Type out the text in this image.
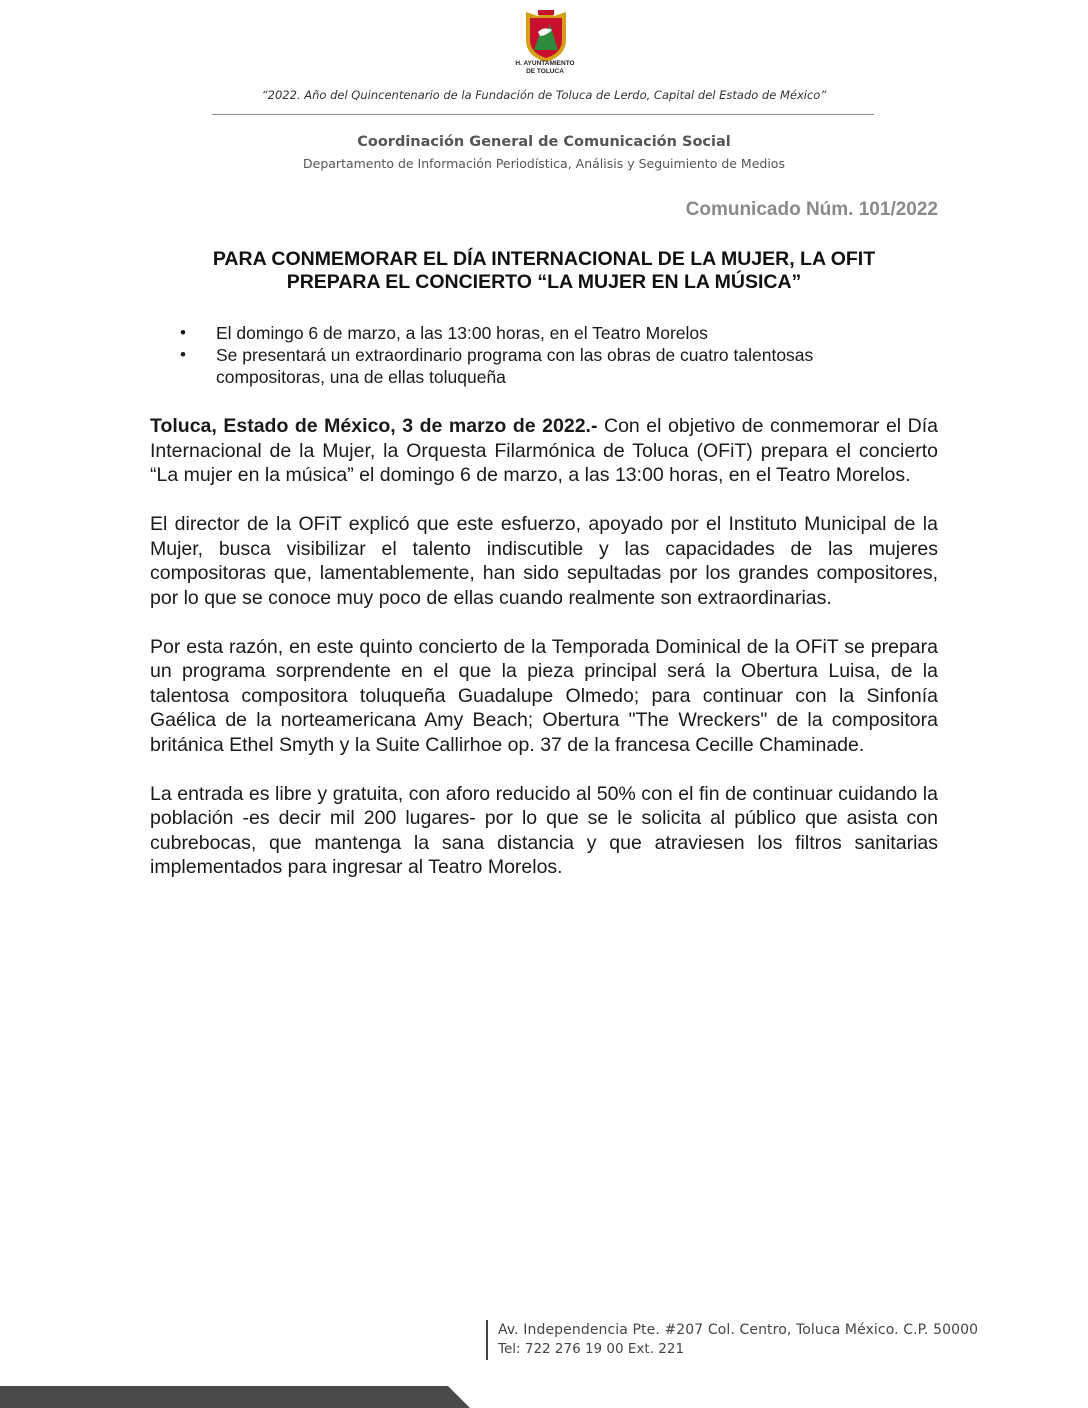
H. AYUNTAMIENTO
DE TOLUCA
“2022. Año del Quincentenario de la Fundación de Toluca de Lerdo, Capital del Estado de México”
Coordinación General de Comunicación Social
Departamento de Información Periodística, Análisis y Seguimiento de Medios
Comunicado Núm. 101/2022
PARA CONMEMORAR EL DÍA INTERNACIONAL DE LA MUJER, LA OFIT
PREPARA EL CONCIERTO “LA MUJER EN LA MÚSICA”
• El domingo 6 de marzo, a las 13:00 horas, en el Teatro Morelos
• Se presentará un extraordinario programa con las obras de cuatro talentosas
compositoras, una de ellas toluqueña

Toluca, Estado de México, 3 de marzo de 2022.- Con el objetivo de conmemorar el Día Internacional de la Mujer, la Orquesta Filarmónica de Toluca (OFiT) prepara el concierto “La mujer en la música” el domingo 6 de marzo, a las 13:00 horas, en el Teatro Morelos.

El director de la OFiT explicó que este esfuerzo, apoyado por el Instituto Municipal de la Mujer, busca visibilizar el talento indiscutible y las capacidades de las mujeres compositoras que, lamentablemente, han sido sepultadas por los grandes compositores, por lo que se conoce muy poco de ellas cuando realmente son extraordinarias.

Por esta razón, en este quinto concierto de la Temporada Dominical de la OFiT se prepara un programa sorprendente en el que la pieza principal será la Obertura Luisa, de la talentosa compositora toluqueña Guadalupe Olmedo; para continuar con la Sinfonía Gaélica de la norteamericana Amy Beach; Obertura "The Wreckers" de la compositora británica Ethel Smyth y la Suite Callirhoe op. 37 de la francesa Cecille Chaminade.

La entrada es libre y gratuita, con aforo reducido al 50% con el fin de continuar cuidando la población -es decir mil 200 lugares- por lo que se le solicita al público que asista con cubrebocas, que mantenga la sana distancia y que atraviesen los filtros sanitarias implementados para ingresar al Teatro Morelos.

Av. Independencia Pte. #207 Col. Centro, Toluca México. C.P. 50000
Tel: 722 276 19 00 Ext. 221
